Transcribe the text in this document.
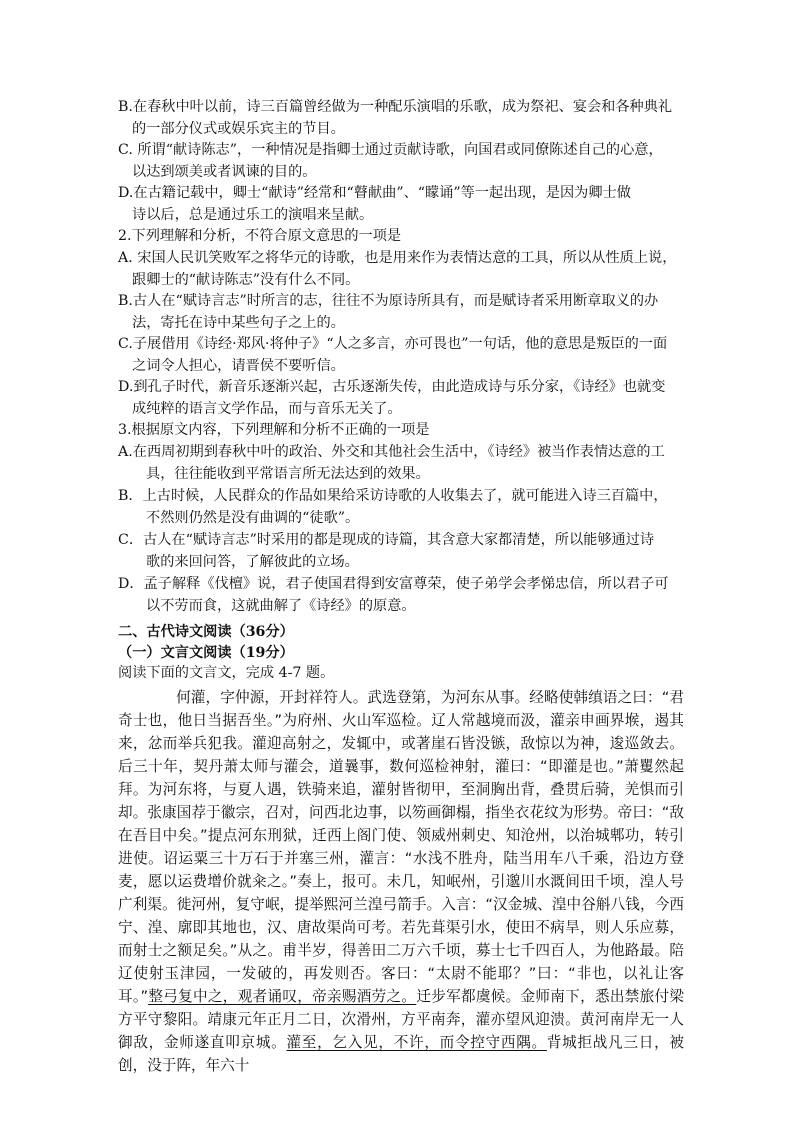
B.在春秋中叶以前，诗三百篇曾经做为一种配乐演唱的乐歌，成为祭祀、宴会和各种典礼
的一部分仪式或娱乐宾主的节目。
C. 所谓“献诗陈志”，一种情况是指卿士通过贡献诗歌，向国君或同僚陈述自己的心意，
以达到颂美或者讽谏的目的。
D.在古籍记载中，卿士“献诗”经常和“瞽献曲”、“矇诵”等一起出现，是因为卿士做
诗以后，总是通过乐工的演唱来呈献。
2.下列理解和分析，不符合原文意思的一项是
A. 宋国人民讥笑败军之将华元的诗歌，也是用来作为表情达意的工具，所以从性质上说，
跟卿士的“献诗陈志”没有什么不同。
B.古人在“赋诗言志”时所言的志，往往不为原诗所具有，而是赋诗者采用断章取义的办
法，寄托在诗中某些句子之上的。
C.子展借用《诗经·郑风·将仲子》“人之多言，亦可畏也”一句话，他的意思是叛臣的一面
之词令人担心，请晋侯不要听信。
D.到孔子时代，新音乐逐渐兴起，古乐逐渐失传，由此造成诗与乐分家，《诗经》也就变
成纯粹的语言文学作品，而与音乐无关了。
3.根据原文内容，下列理解和分析不正确的一项是
A.在西周初期到春秋中叶的政治、外交和其他社会生活中，《诗经》被当作表情达意的工
具，往往能收到平常语言所无法达到的效果。
B．上古时候，人民群众的作品如果给采访诗歌的人收集去了，就可能进入诗三百篇中，
不然则仍然是没有曲调的“徒歌”。
C．古人在“赋诗言志”时采用的都是现成的诗篇，其含意大家都清楚，所以能够通过诗
歌的来回问答，了解彼此的立场。
D．孟子解释《伐檀》说，君子使国君得到安富尊荣，使子弟学会孝悌忠信，所以君子可
以不劳而食，这就曲解了《诗经》的原意。
二、古代诗文阅读（36分）
（一）文言文阅读（19分）
阅读下面的文言文，完成 4-7 题。

何灌，字仲源，开封祥符人。武选登第，为河东从事。经略使韩缜语之曰：“君奇士也，他日当据吾坐。”为府州、火山军巡检。辽人常越境而汲，灌亲申画界堠，遏其来，忿而举兵犯我。灌迎高射之，发辄中，或著崖石皆没镞，敌惊以为神，逡巡敛去。后三十年，契丹萧太师与灌会，道曩事，数何巡检神射，灌曰：“即灌是也。”萧矍然起拜。为河东将，与夏人遇，铁骑来追，灌射皆彻甲，至洞胸出背，叠贯后骑，羌惧而引却。张康国荐于徽宗，召对，问西北边事，以笏画御榻，指坐衣花纹为形势。帝曰：“敌在吾目中矣。”提点河东刑狱，迁西上阁门使、领威州刺史、知沧州，以治城郫功，转引进使。诏运粟三十万石于并塞三州，灌言：“水浅不胜舟，陆当用车八千乘，沿边方登麦，愿以运费增价就籴之。”奏上，报可。未几，知岷州，引邈川水溉间田千顷，湟人号广利渠。徙河州，复守岷，提举熙河兰湟弓箭手。入言：“汉金城、湟中谷斛八钱，今西宁、湟、廓即其地也，汉、唐故渠尚可考。若先葺渠引水，使田不病旱，则人乐应募，而射士之额足矣。”从之。甫半岁，得善田二万六千顷，募士七千四百人，为他路最。陪辽使射玉津园，一发破的，再发则否。客曰：“太尉不能耶？”曰：“非也，以礼让客耳。”整弓复中之，观者诵叹，帝亲赐酒劳之。迁步军都虞候。金师南下，悉出禁旅付梁方平守黎阳。靖康元年正月二日，次滑州，方平南奔，灌亦望风迎溃。黄河南岸无一人御敌，金师遂直叩京城。灌至，乞入见，不许，而令控守西隅。背城拒战凡三日，被创，没于阵，年六十
